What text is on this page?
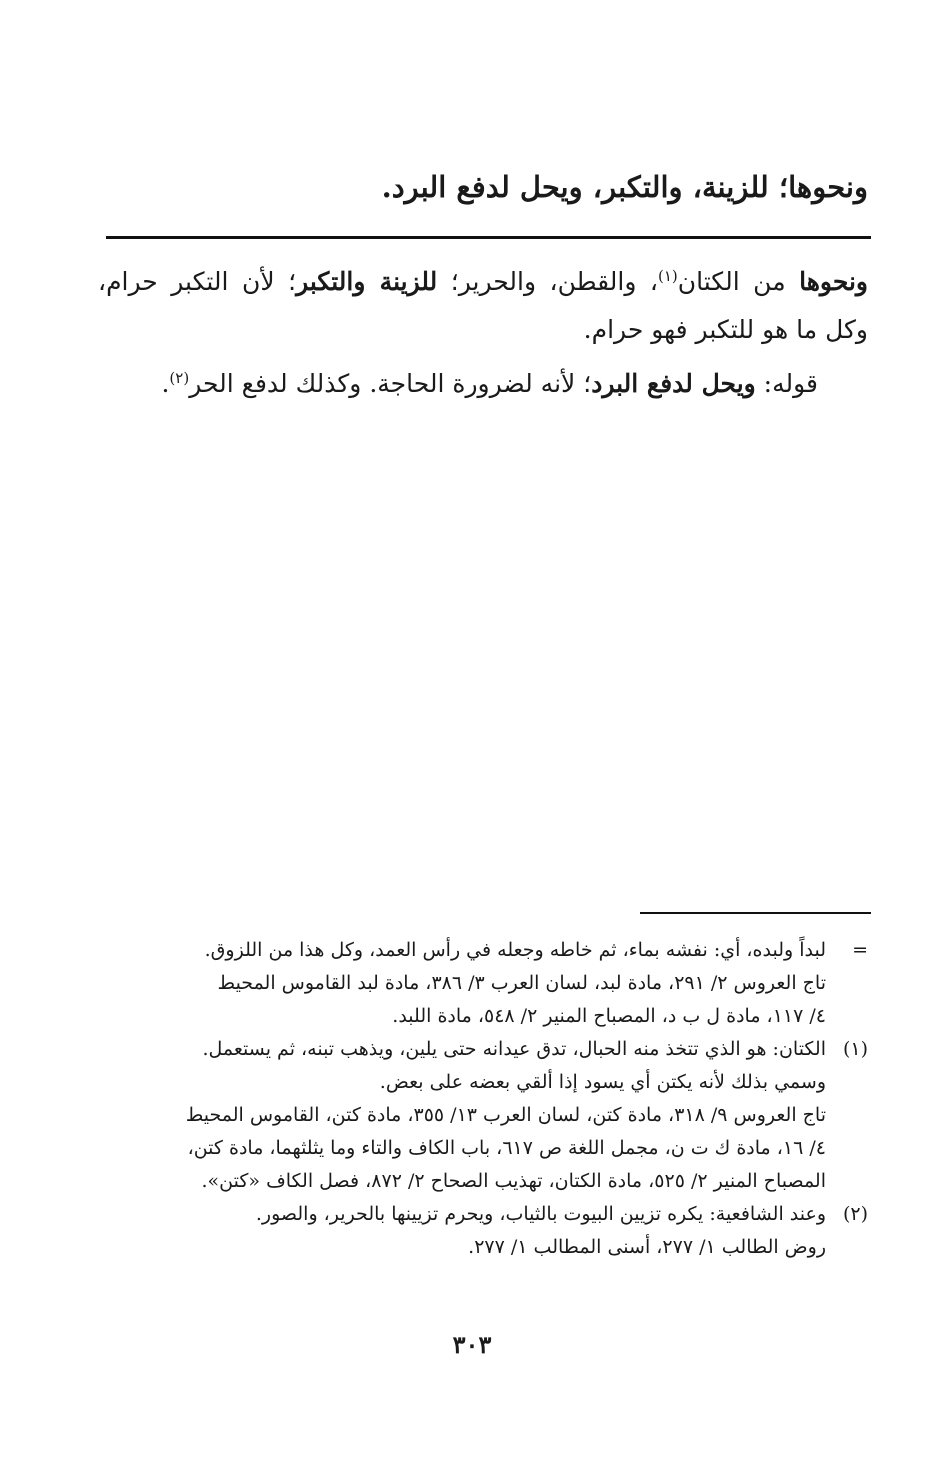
ونحوها؛ للزينة، والتكبر، ويحل لدفع البرد.

ونحوها من الكتان$^{(١)}$، والقطن، والحرير؛ للزينة والتكبر؛ لأن التكبر حرام، وكل ما هو للتكبر فهو حرام.

قوله: ويحل لدفع البرد؛ لأنه لضرورة الحاجة. وكذلك لدفع الحر$^{(٢)}$.

=
لبداً ولبده، أي: نفشه بماء، ثم خاطه وجعله في رأس العمد، وكل هذا من اللزوق.
تاج العروس ٢/ ٢٩١، مادة لبد، لسان العرب ٣/ ٣٨٦، مادة لبد القاموس المحيط
٤/ ١١٧، مادة ل ب د، المصباح المنير ٢/ ٥٤٨، مادة اللبد.
(١)
الكتان: هو الذي تتخذ منه الحبال، تدق عيدانه حتى يلين، ويذهب تبنه، ثم يستعمل.
وسمي بذلك لأنه يكتن أي يسود إذا ألقي بعضه على بعض.
تاج العروس ٩/ ٣١٨، مادة كتن، لسان العرب ١٣/ ٣٥٥، مادة كتن، القاموس المحيط
٤/ ١٦، مادة ك ت ن، مجمل اللغة ص ٦١٧، باب الكاف والتاء وما يثلثهما، مادة كتن،
المصباح المنير ٢/ ٥٢٥، مادة الكتان، تهذيب الصحاح ٢/ ٨٧٢، فصل الكاف «كتن».
(٢)
وعند الشافعية: يكره تزيين البيوت بالثياب، ويحرم تزيينها بالحرير، والصور.
روض الطالب ١/ ٢٧٧، أسنى المطالب ١/ ٢٧٧.
٣٠٣
